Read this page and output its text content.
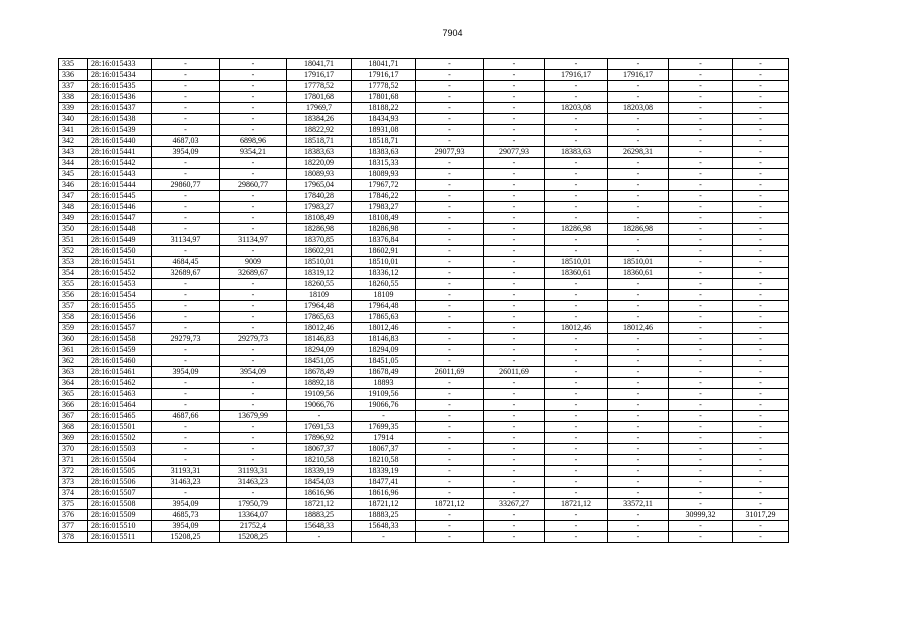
7904
335	28:16:015433	-	-	18041,71	18041,71	-	-	-	-	-	-
336	28:16:015434	-	-	17916,17	17916,17	-	-	17916,17	17916,17	-	-
337	28:16:015435	-	-	17778,52	17778,52	-	-	-	-	-	-
338	28:16:015436	-	-	17801,68	17801,68	-	-	-	-	-	-
339	28:16:015437	-	-	17969,7	18188,22	-	-	18203,08	18203,08	-	-
340	28:16:015438	-	-	18384,26	18434,93	-	-	-	-	-	-
341	28:16:015439	-	-	18822,92	18931,08	-	-	-	-	-	-
342	28:16:015440	4687,03	6898,96	18518,71	18518,71	-	-	-	-	-	-
343	28:16:015441	3954,09	9354,21	18383,63	18383,63	29077,93	29077,93	18383,63	26298,31	-	-
344	28:16:015442	-	-	18220,09	18315,33	-	-	-	-	-	-
345	28:16:015443	-	-	18089,93	18089,93	-	-	-	-	-	-
346	28:16:015444	29860,77	29860,77	17965,04	17967,72	-	-	-	-	-	-
347	28:16:015445	-	-	17840,28	17846,22	-	-	-	-	-	-
348	28:16:015446	-	-	17983,27	17983,27	-	-	-	-	-	-
349	28:16:015447	-	-	18108,49	18108,49	-	-	-	-	-	-
350	28:16:015448	-	-	18286,98	18286,98	-	-	18286,98	18286,98	-	-
351	28:16:015449	31134,97	31134,97	18370,85	18376,84	-	-	-	-	-	-
352	28:16:015450	-	-	18602,91	18602,91	-	-	-	-	-	-
353	28:16:015451	4684,45	9009	18510,01	18510,01	-	-	18510,01	18510,01	-	-
354	28:16:015452	32689,67	32689,67	18319,12	18336,12	-	-	18360,61	18360,61	-	-
355	28:16:015453	-	-	18260,55	18260,55	-	-	-	-	-	-
356	28:16:015454	-	-	18109	18109	-	-	-	-	-	-
357	28:16:015455	-	-	17964,48	17964,48	-	-	-	-	-	-
358	28:16:015456	-	-	17865,63	17865,63	-	-	-	-	-	-
359	28:16:015457	-	-	18012,46	18012,46	-	-	18012,46	18012,46	-	-
360	28:16:015458	29279,73	29279,73	18146,83	18146,83	-	-	-	-	-	-
361	28:16:015459	-	-	18294,09	18294,09	-	-	-	-	-	-
362	28:16:015460	-	-	18451,05	18451,05	-	-	-	-	-	-
363	28:16:015461	3954,09	3954,09	18678,49	18678,49	26011,69	26011,69	-	-	-	-
364	28:16:015462	-	-	18892,18	18893	-	-	-	-	-	-
365	28:16:015463	-	-	19109,56	19109,56	-	-	-	-	-	-
366	28:16:015464	-	-	19066,76	19066,76	-	-	-	-	-	-
367	28:16:015465	4687,66	13679,99	-	-	-	-	-	-	-	-
368	28:16:015501	-	-	17691,53	17699,35	-	-	-	-	-	-
369	28:16:015502	-	-	17896,92	17914	-	-	-	-	-	-
370	28:16:015503	-	-	18067,37	18067,37	-	-	-	-	-	-
371	28:16:015504	-	-	18210,58	18210,58	-	-	-	-	-	-
372	28:16:015505	31193,31	31193,31	18339,19	18339,19	-	-	-	-	-	-
373	28:16:015506	31463,23	31463,23	18454,03	18477,41	-	-	-	-	-	-
374	28:16:015507	-	-	18616,96	18616,96	-	-	-	-	-	-
375	28:16:015508	3954,09	17950,79	18721,12	18721,12	18721,12	33267,27	18721,12	33572,11	-	-
376	28:16:015509	4685,73	13364,07	18883,25	18883,25	-	-	-	-	30999,32	31017,29
377	28:16:015510	3954,09	21752,4	15648,33	15648,33	-	-	-	-	-	-
378	28:16:015511	15208,25	15208,25	-	-	-	-	-	-	-	-
